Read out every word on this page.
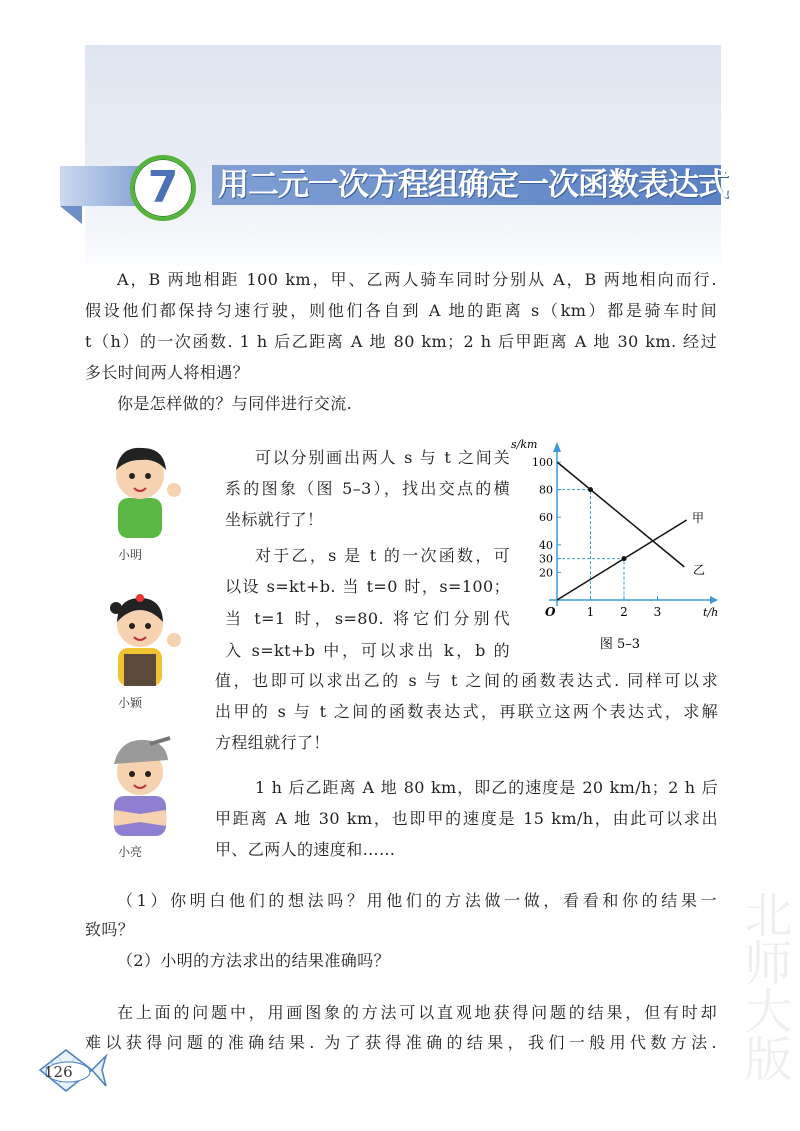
7	用二元一次方程组确定一次函数表达式
A，B 两地相距 100 km，甲、乙两人骑车同时分别从 A，B 两地相向而行.
假设他们都保持匀速行驶，则他们各自到 A 地的距离 s（km）都是骑车时间
t（h）的一次函数. 1 h 后乙距离 A 地 80 km；2 h 后甲距离 A 地 30 km. 经过
多长时间两人将相遇？
你是怎样做的？与同伴进行交流.
可以分别画出两人 s 与 t 之间关
系的图象（图 5–3），找出交点的横
坐标就行了！
对于乙，s 是 t 的一次函数，可
以设 s=kt+b. 当 t=0 时，s=100；
当 t=1 时，s=80. 将它们分别代
入 s=kt+b 中，可以求出 k，b 的
值，也即可以求出乙的 s 与 t 之间的函数表达式. 同样可以求
出甲的 s 与 t 之间的函数表达式，再联立这两个表达式，求解
方程组就行了！
1 h 后乙距离 A 地 80 km，即乙的速度是 20 km/h；2 h 后
甲距离 A 地 30 km，也即甲的速度是 15 km/h，由此可以求出
甲、乙两人的速度和……
（1）你明白他们的想法吗？用他们的方法做一做，看看和你的结果一
致吗？
（2）小明的方法求出的结果准确吗？
在上面的问题中，用画图象的方法可以直观地获得问题的结果，但有时却
难以获得问题的准确结果. 为了获得准确的结果，我们一般用代数方法.
小明
小颖
小亮
1 2 3
20
30
40
60
80
100
O	t/h
s/km
甲
乙
图 5–3
北师大版
126
